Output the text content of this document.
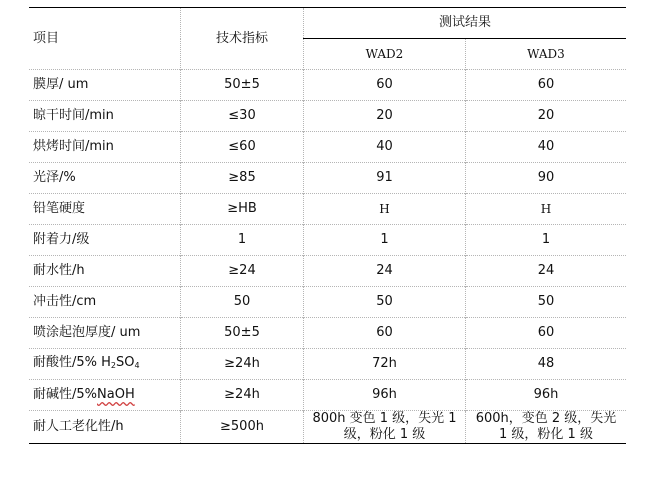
项目	技术指标	测试结果	
		WAD2	WAD3
膜厚/ um	50±5	60	60
晾干时间/min	≤30	20	20
烘烤时间/min	≤60	40	40
光泽/%	≥85	91	90
铅笔硬度	≥HB	H	H
附着力/级	1	1	1
耐水性/h	≥24	24	24
冲击性/cm	50	50	50
喷涂起泡厚度/ um	50±5	60	60
耐酸性/5% $H_2SO_4$	≥24h	72h	48
耐碱性/5%NaOH	≥24h	96h	96h
耐人工老化性/h	≥500h	800h 变色 1 级，失光 1 级，粉化 1 级	600h，变色 2 级，失光 1 级，粉化 1 级
